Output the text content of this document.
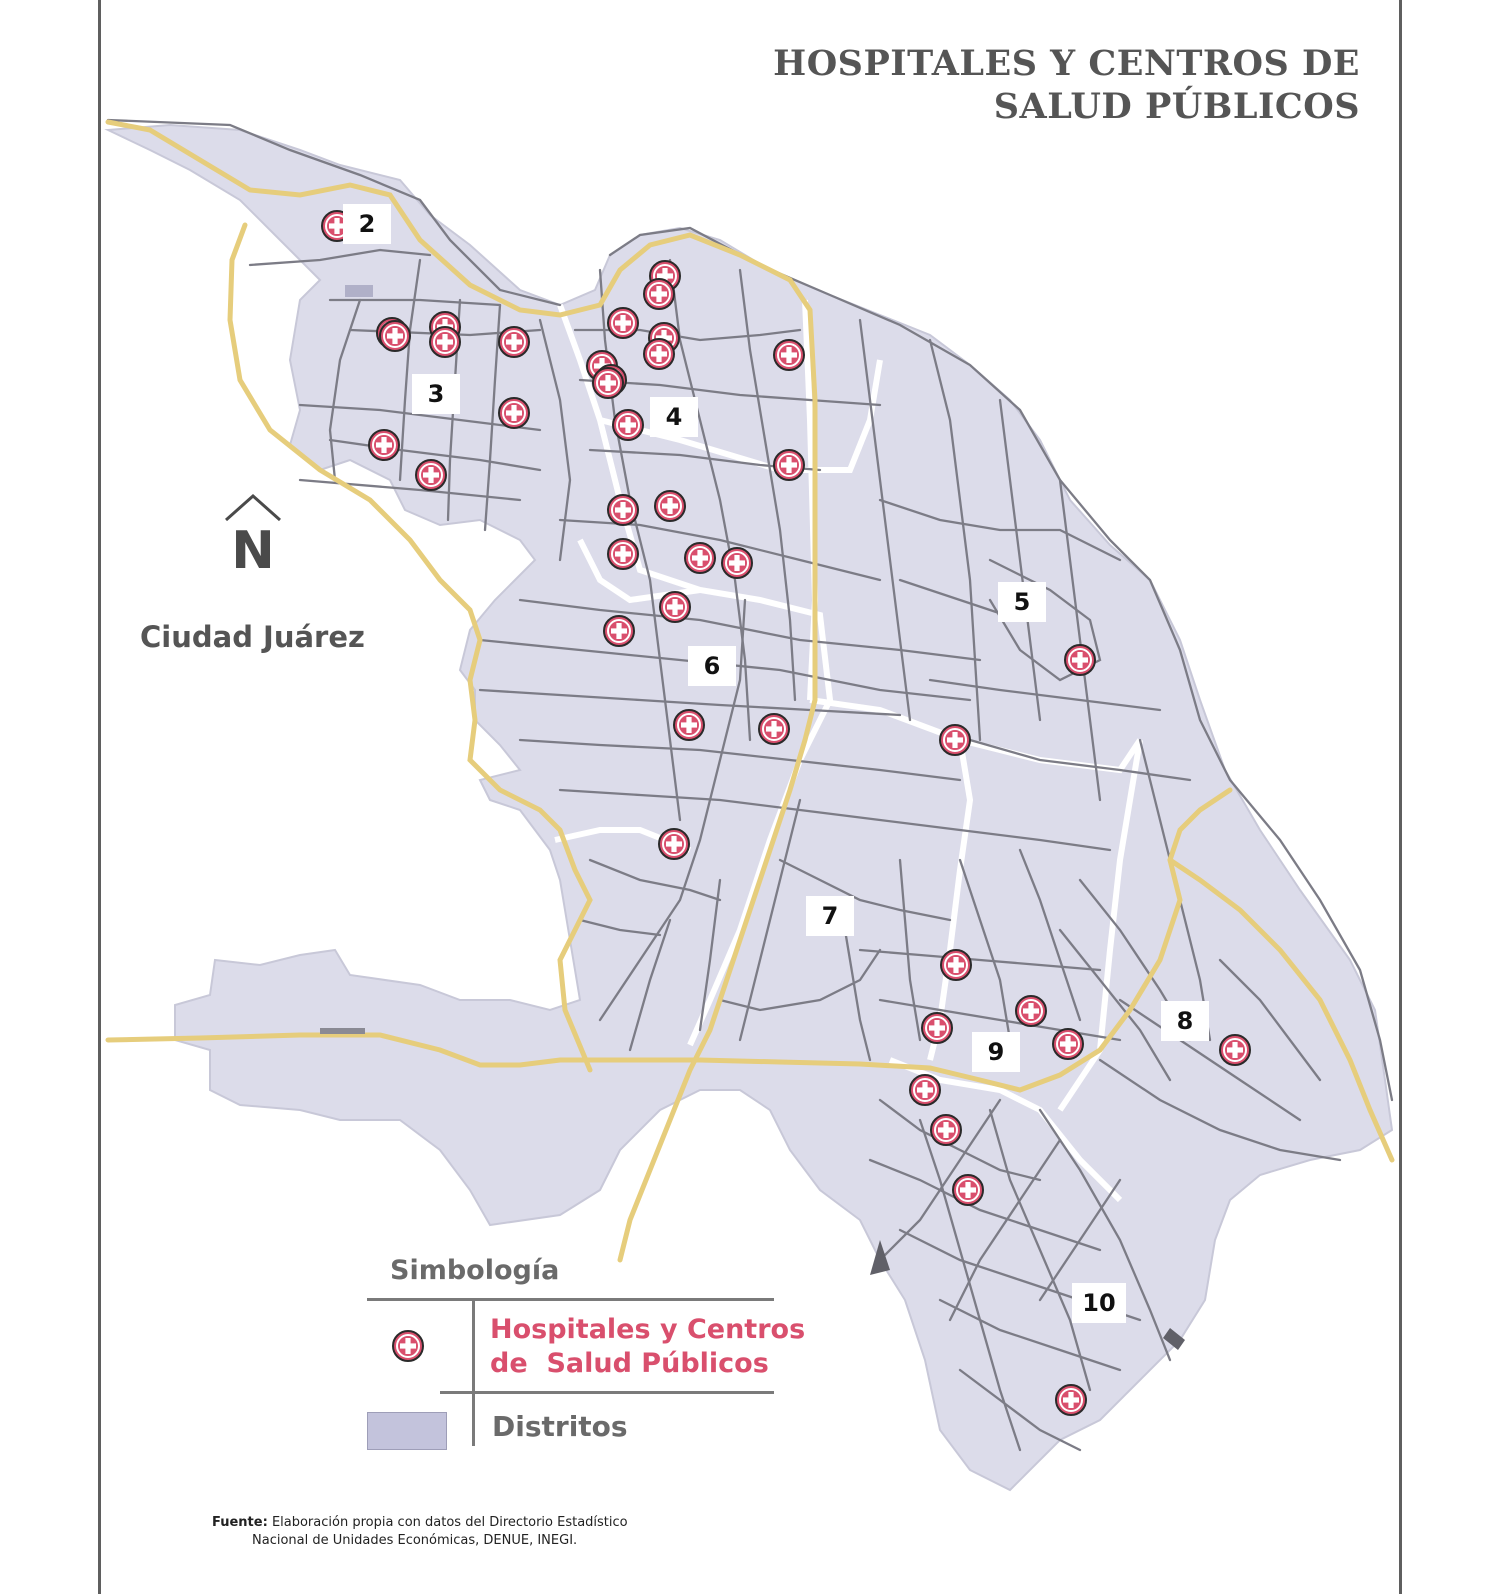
HOSPITALES Y CENTROS DE
SALUD PÚBLICOS
2
3
4
5
6
7
8
9
10
N
Ciudad Juárez
Simbología
Hospitales y Centros
de  Salud Públicos
Distritos
Fuente: Elaboración propia con datos del Directorio Estadístico
Nacional de Unidades Económicas, DENUE, INEGI.
